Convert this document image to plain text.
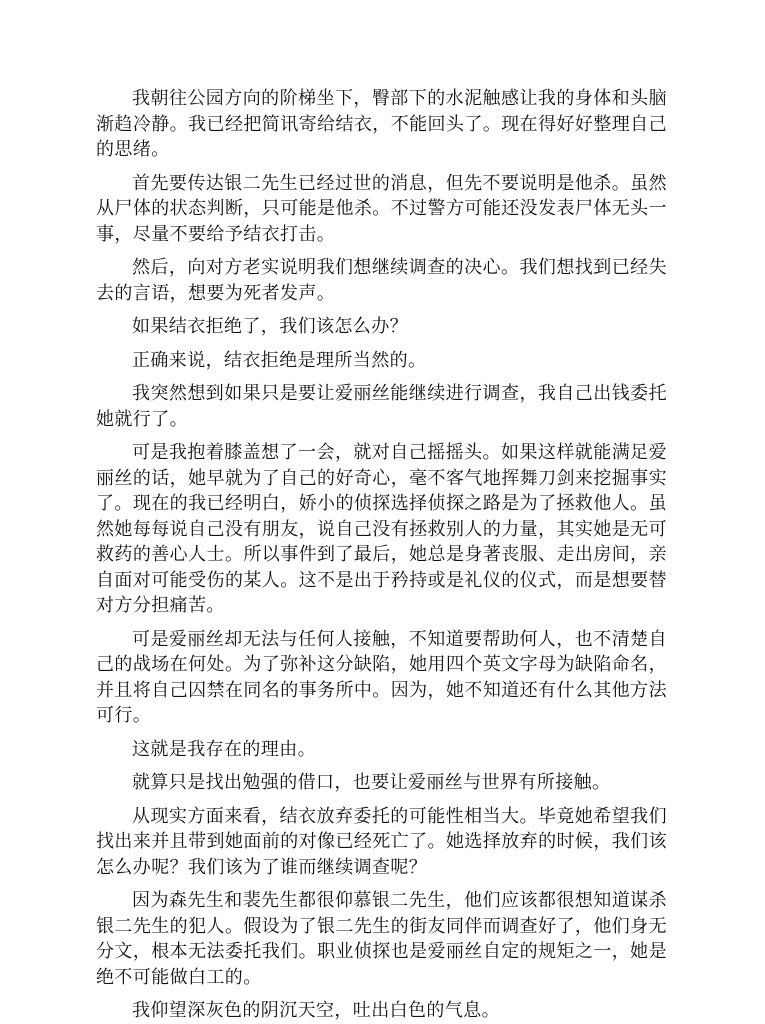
我朝往公园方向的阶梯坐下，臀部下的水泥触感让我的身体和头脑渐趋冷静。我已经把简讯寄给结衣，不能回头了。现在得好好整理自己的思绪。

首先要传达银二先生已经过世的消息，但先不要说明是他杀。虽然从尸体的状态判断，只可能是他杀。不过警方可能还没发表尸体无头一事，尽量不要给予结衣打击。

然后，向对方老实说明我们想继续调查的决心。我们想找到已经失去的言语，想要为死者发声。

如果结衣拒绝了，我们该怎么办？

正确来说，结衣拒绝是理所当然的。

我突然想到如果只是要让爱丽丝能继续进行调查，我自己出钱委托她就行了。

可是我抱着膝盖想了一会，就对自己摇摇头。如果这样就能满足爱丽丝的话，她早就为了自己的好奇心，毫不客气地挥舞刀剑来挖掘事实了。现在的我已经明白，娇小的侦探选择侦探之路是为了拯救他人。虽然她每每说自己没有朋友，说自己没有拯救别人的力量，其实她是无可救药的善心人士。所以事件到了最后，她总是身著丧服、走出房间，亲自面对可能受伤的某人。这不是出于矜持或是礼仪的仪式，而是想要替对方分担痛苦。

可是爱丽丝却无法与任何人接触，不知道要帮助何人，也不清楚自己的战场在何处。为了弥补这分缺陷，她用四个英文字母为缺陷命名，并且将自己囚禁在同名的事务所中。因为，她不知道还有什么其他方法可行。

这就是我存在的理由。

就算只是找出勉强的借口，也要让爱丽丝与世界有所接触。

从现实方面来看，结衣放弃委托的可能性相当大。毕竟她希望我们找出来并且带到她面前的对像已经死亡了。她选择放弃的时候，我们该怎么办呢？我们该为了谁而继续调查呢？

因为森先生和裴先生都很仰慕银二先生，他们应该都很想知道谋杀银二先生的犯人。假设为了银二先生的街友同伴而调查好了，他们身无分文，根本无法委托我们。职业侦探也是爱丽丝自定的规矩之一，她是绝不可能做白工的。

我仰望深灰色的阴沉天空，吐出白色的气息。
